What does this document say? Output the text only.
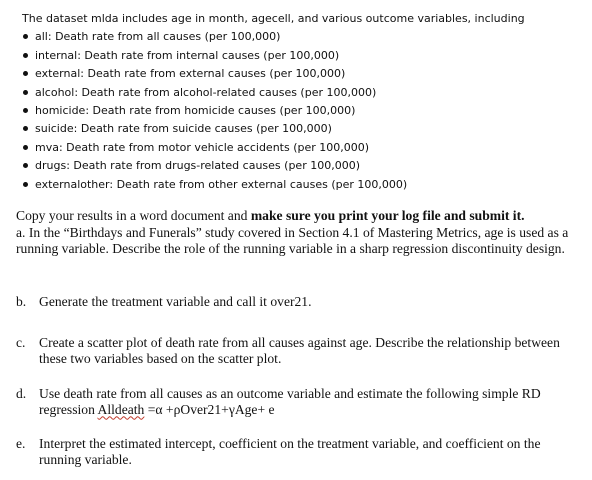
The dataset mlda includes age in month, agecell, and various outcome variables, including

all: Death rate from all causes (per 100,000)
internal: Death rate from internal causes (per 100,000)
external: Death rate from external causes (per 100,000)
alcohol: Death rate from alcohol-related causes (per 100,000)
homicide: Death rate from homicide causes (per 100,000)
suicide: Death rate from suicide causes (per 100,000)
mva: Death rate from motor vehicle accidents (per 100,000)
drugs: Death rate from drugs-related causes (per 100,000)
externalother: Death rate from other external causes (per 100,000)

Copy your results in a word document and make sure you print your log file and submit it.

a. In the “Birthdays and Funerals” study covered in Section 4.1 of Mastering Metrics, age is used as a running variable. Describe the role of the running variable in a sharp regression discontinuity design.
b. Generate the treatment variable and call it over21.
c. Create a scatter plot of death rate from all causes against age. Describe the relationship between these two variables based on the scatter plot.
d. Use death rate from all causes as an outcome variable and estimate the following simple RD regression Alldeath =α +ρOver21+γAge+ e
e. Interpret the estimated intercept, coefficient on the treatment variable, and coefficient on the running variable.
